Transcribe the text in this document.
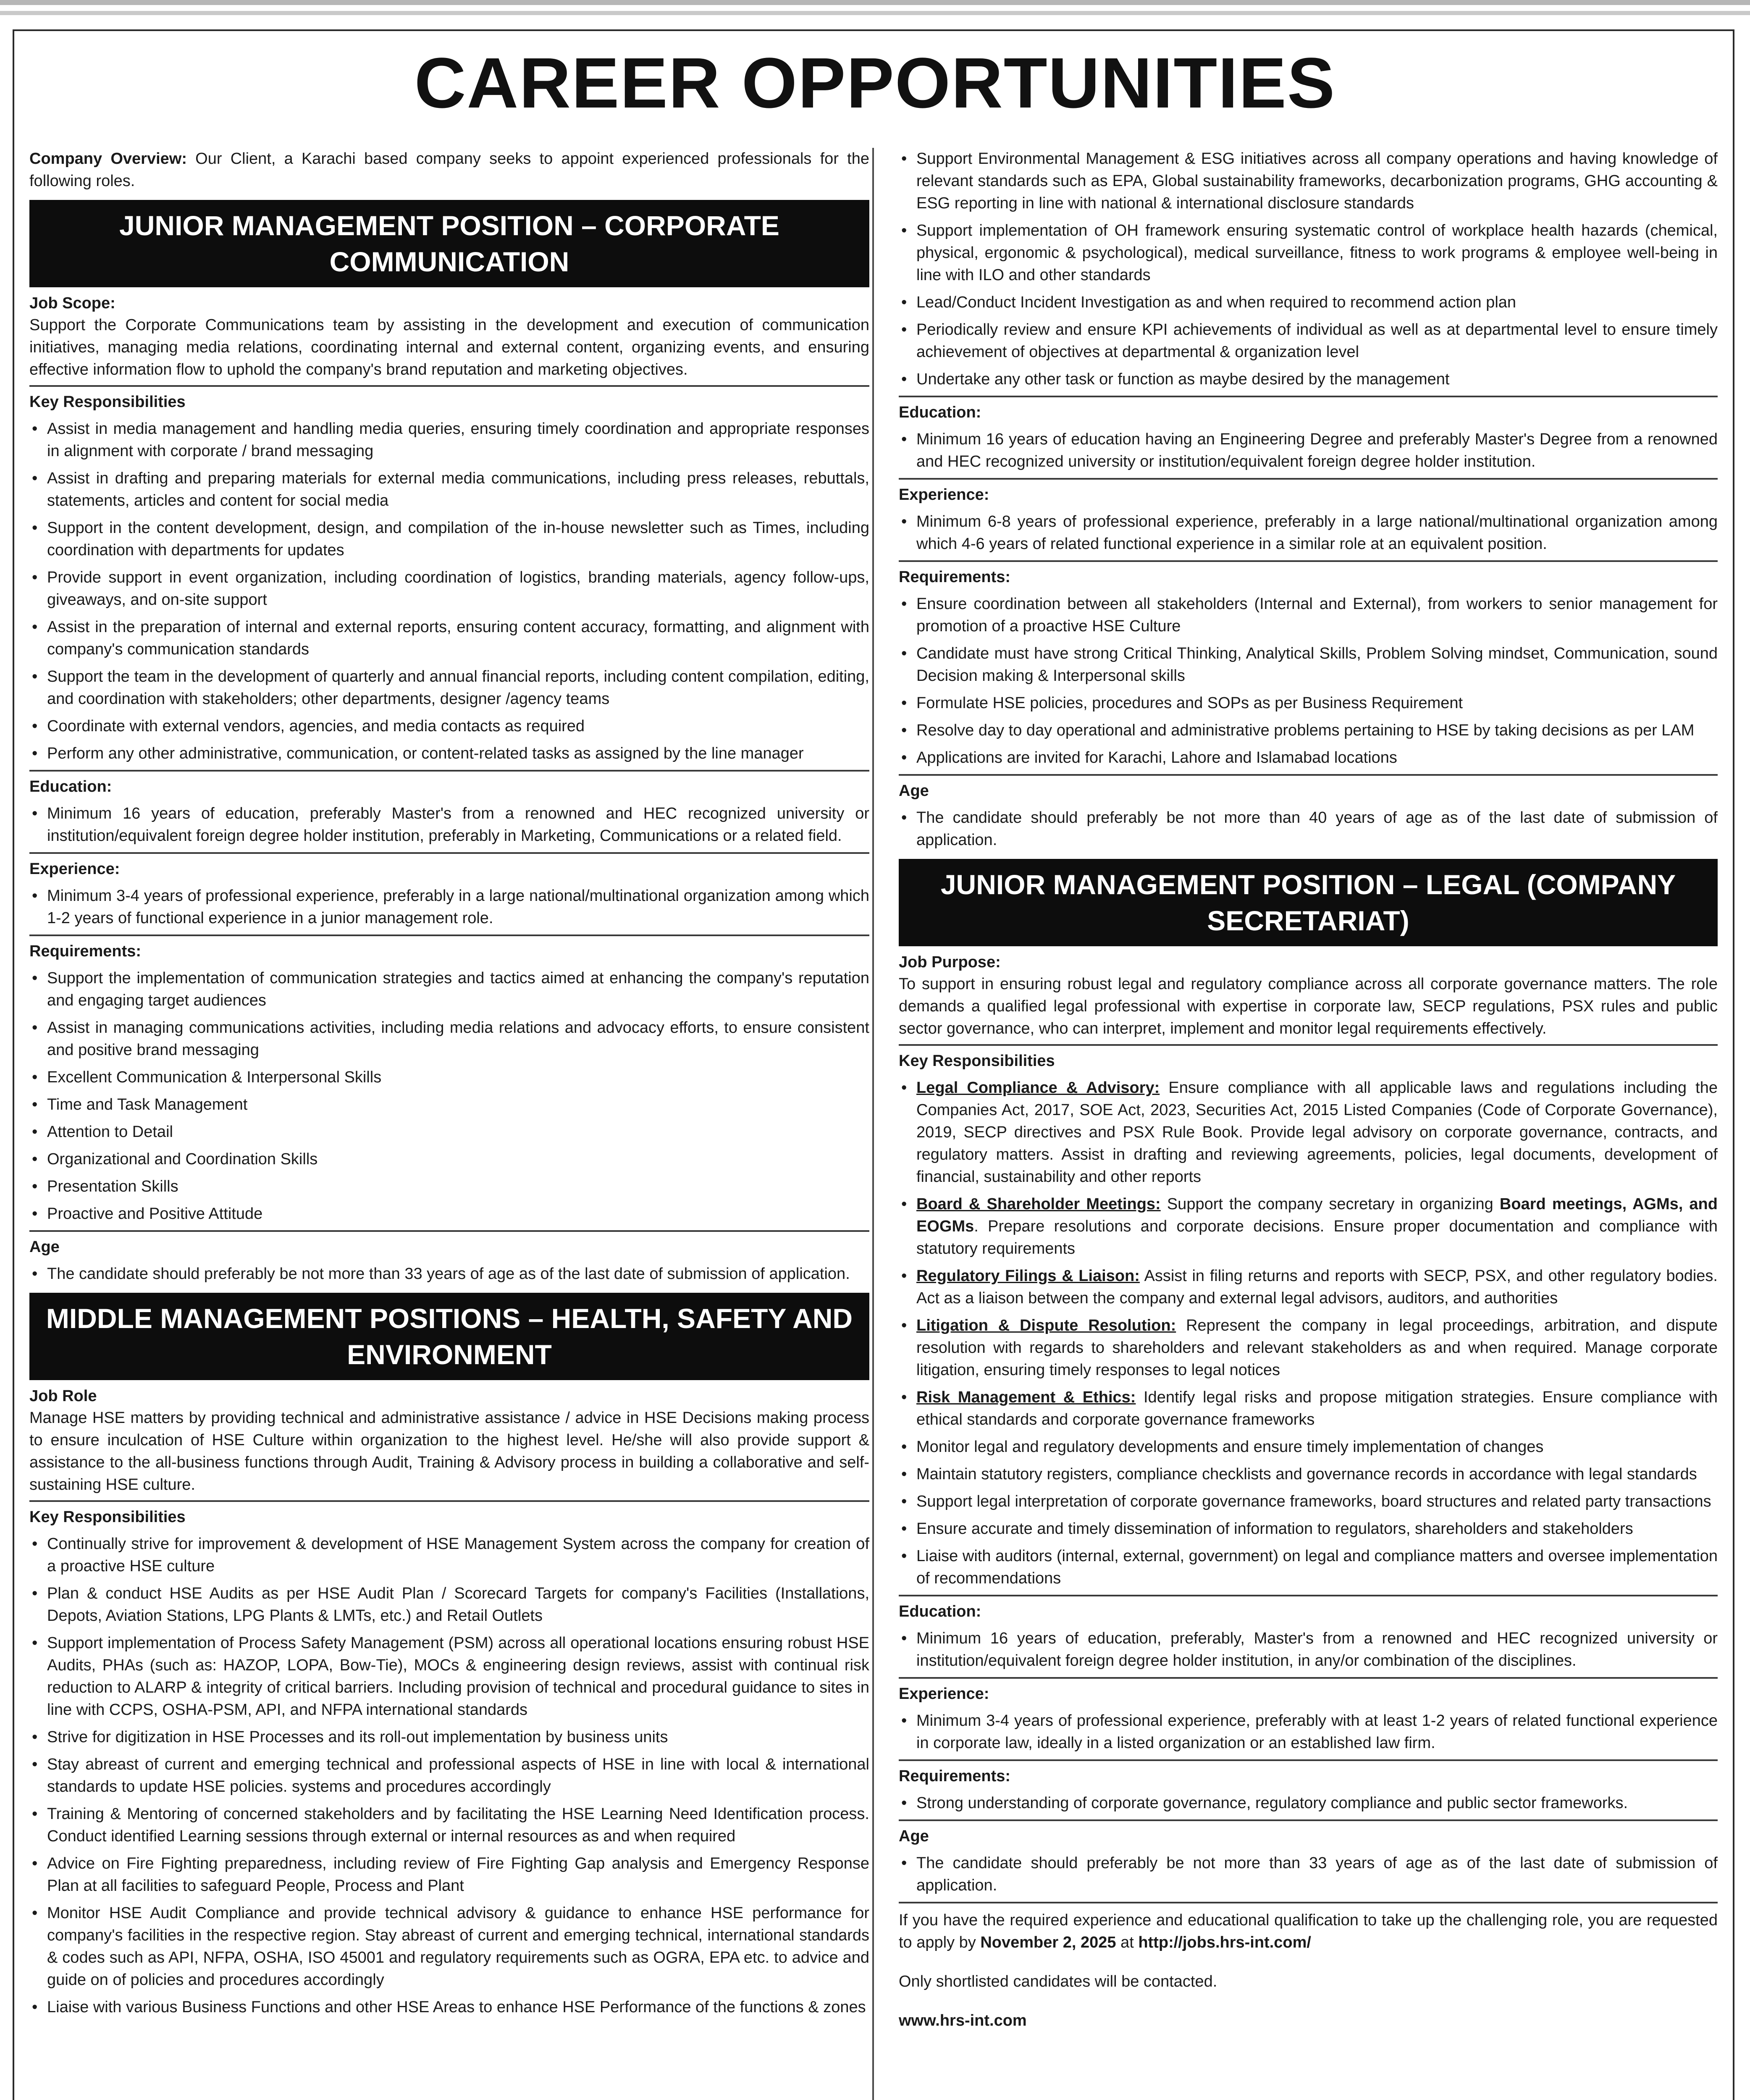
CAREER OPPORTUNITIES

Company Overview: Our Client, a Karachi based company seeks to appoint experienced professionals for the following roles.

JUNIOR MANAGEMENT POSITION – CORPORATE COMMUNICATION
Job Scope:

Support the Corporate Communications team by assisting in the development and execution of communication initiatives, managing media relations, coordinating internal and external content, organizing events, and ensuring effective information flow to uphold the company's brand reputation and marketing objectives.

Key Responsibilities
• Assist in media management and handling media queries, ensuring timely coordination and appropriate responses in alignment with corporate / brand messaging
• Assist in drafting and preparing materials for external media communications, including press releases, rebuttals, statements, articles and content for social media
• Support in the content development, design, and compilation of the in-house newsletter such as Times, including coordination with departments for updates
• Provide support in event organization, including coordination of logistics, branding materials, agency follow-ups, giveaways, and on-site support
• Assist in the preparation of internal and external reports, ensuring content accuracy, formatting, and alignment with company's communication standards
• Support the team in the development of quarterly and annual financial reports, including content compilation, editing, and coordination with stakeholders; other departments, designer /agency teams
• Coordinate with external vendors, agencies, and media contacts as required
• Perform any other administrative, communication, or content-related tasks as assigned by the line manager
Education:
• Minimum 16 years of education, preferably Master's from a renowned and HEC recognized university or institution/equivalent foreign degree holder institution, preferably in Marketing, Communications or a related field.
Experience:
• Minimum 3-4 years of professional experience, preferably in a large national/multinational organization among which 1-2 years of functional experience in a junior management role.
Requirements:
• Support the implementation of communication strategies and tactics aimed at enhancing the company's reputation and engaging target audiences
• Assist in managing communications activities, including media relations and advocacy efforts, to ensure consistent and positive brand messaging
• Excellent Communication & Interpersonal Skills
• Time and Task Management
• Attention to Detail
• Organizational and Coordination Skills
• Presentation Skills
• Proactive and Positive Attitude
Age
• The candidate should preferably be not more than 33 years of age as of the last date of submission of application.
MIDDLE MANAGEMENT POSITIONS – HEALTH, SAFETY AND ENVIRONMENT
Job Role

Manage HSE matters by providing technical and administrative assistance / advice in HSE Decisions making process to ensure inculcation of HSE Culture within organization to the highest level. He/she will also provide support & assistance to the all-business functions through Audit, Training & Advisory process in building a collaborative and self-sustaining HSE culture.

Key Responsibilities
• Continually strive for improvement & development of HSE Management System across the company for creation of a proactive HSE culture
• Plan & conduct HSE Audits as per HSE Audit Plan / Scorecard Targets for company's Facilities (Installations, Depots, Aviation Stations, LPG Plants & LMTs, etc.) and Retail Outlets
• Support implementation of Process Safety Management (PSM) across all operational locations ensuring robust HSE Audits, PHAs (such as: HAZOP, LOPA, Bow-Tie), MOCs & engineering design reviews, assist with continual risk reduction to ALARP & integrity of critical barriers. Including provision of technical and procedural guidance to sites in line with CCPS, OSHA-PSM, API, and NFPA international standards
• Strive for digitization in HSE Processes and its roll-out implementation by business units
• Stay abreast of current and emerging technical and professional aspects of HSE in line with local & international standards to update HSE policies. systems and procedures accordingly
• Training & Mentoring of concerned stakeholders and by facilitating the HSE Learning Need Identification process. Conduct identified Learning sessions through external or internal resources as and when required
• Advice on Fire Fighting preparedness, including review of Fire Fighting Gap analysis and Emergency Response Plan at all facilities to safeguard People, Process and Plant
• Monitor HSE Audit Compliance and provide technical advisory & guidance to enhance HSE performance for company's facilities in the respective region. Stay abreast of current and emerging technical, international standards & codes such as API, NFPA, OSHA, ISO 45001 and regulatory requirements such as OGRA, EPA etc. to advice and guide on of policies and procedures accordingly
• Liaise with various Business Functions and other HSE Areas to enhance HSE Performance of the functions & zones
• Support Environmental Management & ESG initiatives across all company operations and having knowledge of relevant standards such as EPA, Global sustainability frameworks, decarbonization programs, GHG accounting & ESG reporting in line with national & international disclosure standards
• Support implementation of OH framework ensuring systematic control of workplace health hazards (chemical, physical, ergonomic & psychological), medical surveillance, fitness to work programs & employee well-being in line with ILO and other standards
• Lead/Conduct Incident Investigation as and when required to recommend action plan
• Periodically review and ensure KPI achievements of individual as well as at departmental level to ensure timely achievement of objectives at departmental & organization level
• Undertake any other task or function as maybe desired by the management
Education:
• Minimum 16 years of education having an Engineering Degree and preferably Master's Degree from a renowned and HEC recognized university or institution/equivalent foreign degree holder institution.
Experience:
• Minimum 6-8 years of professional experience, preferably in a large national/multinational organization among which 4-6 years of related functional experience in a similar role at an equivalent position.
Requirements:
• Ensure coordination between all stakeholders (Internal and External), from workers to senior management for promotion of a proactive HSE Culture
• Candidate must have strong Critical Thinking, Analytical Skills, Problem Solving mindset, Communication, sound Decision making & Interpersonal skills
• Formulate HSE policies, procedures and SOPs as per Business Requirement
• Resolve day to day operational and administrative problems pertaining to HSE by taking decisions as per LAM
• Applications are invited for Karachi, Lahore and Islamabad locations
Age
• The candidate should preferably be not more than 40 years of age as of the last date of submission of application.
JUNIOR MANAGEMENT POSITION – LEGAL (COMPANY SECRETARIAT)
Job Purpose:

To support in ensuring robust legal and regulatory compliance across all corporate governance matters. The role demands a qualified legal professional with expertise in corporate law, SECP regulations, PSX rules and public sector governance, who can interpret, implement and monitor legal requirements effectively.

Key Responsibilities
• Legal Compliance & Advisory: Ensure compliance with all applicable laws and regulations including the Companies Act, 2017, SOE Act, 2023, Securities Act, 2015 Listed Companies (Code of Corporate Governance), 2019, SECP directives and PSX Rule Book. Provide legal advisory on corporate governance, contracts, and regulatory matters. Assist in drafting and reviewing agreements, policies, legal documents, development of financial, sustainability and other reports
• Board & Shareholder Meetings: Support the company secretary in organizing Board meetings, AGMs, and EOGMs. Prepare resolutions and corporate decisions. Ensure proper documentation and compliance with statutory requirements
• Regulatory Filings & Liaison: Assist in filing returns and reports with SECP, PSX, and other regulatory bodies. Act as a liaison between the company and external legal advisors, auditors, and authorities
• Litigation & Dispute Resolution: Represent the company in legal proceedings, arbitration, and dispute resolution with regards to shareholders and relevant stakeholders as and when required. Manage corporate litigation, ensuring timely responses to legal notices
• Risk Management & Ethics: Identify legal risks and propose mitigation strategies. Ensure compliance with ethical standards and corporate governance frameworks
• Monitor legal and regulatory developments and ensure timely implementation of changes
• Maintain statutory registers, compliance checklists and governance records in accordance with legal standards
• Support legal interpretation of corporate governance frameworks, board structures and related party transactions
• Ensure accurate and timely dissemination of information to regulators, shareholders and stakeholders
• Liaise with auditors (internal, external, government) on legal and compliance matters and oversee implementation of recommendations
Education:
• Minimum 16 years of education, preferably, Master's from a renowned and HEC recognized university or institution/equivalent foreign degree holder institution, in any/or combination of the disciplines.
Experience:
• Minimum 3-4 years of professional experience, preferably with at least 1-2 years of related functional experience in corporate law, ideally in a listed organization or an established law firm.
Requirements:
• Strong understanding of corporate governance, regulatory compliance and public sector frameworks.
Age
• The candidate should preferably be not more than 33 years of age as of the last date of submission of application.

If you have the required experience and educational qualification to take up the challenging role, you are requested to apply by November 2, 2025 at http://jobs.hrs-int.com/

Only shortlisted candidates will be contacted.

www.hrs-int.com
